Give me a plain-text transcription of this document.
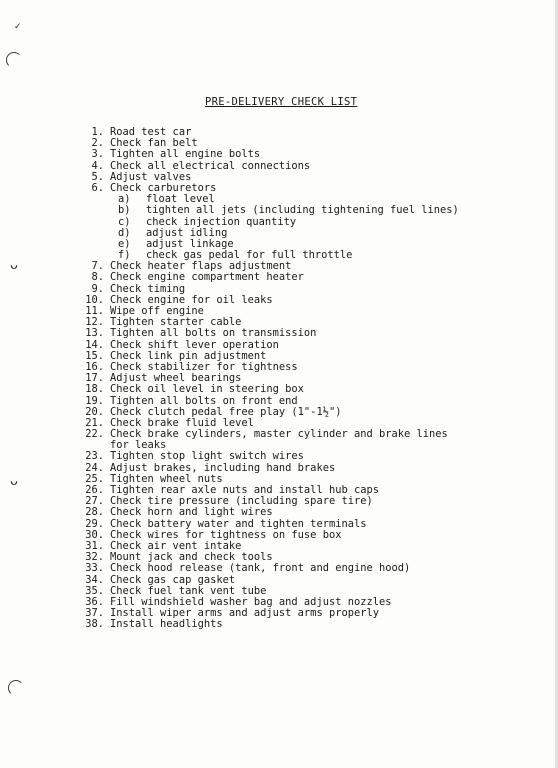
✓
ᴗ
ᴗ
PRE-DELIVERY CHECK LIST
1. Road test car
2. Check fan belt
3. Tighten all engine bolts
4. Check all electrical connections
5. Adjust valves
6. Check carburetors
a) float level
b) tighten all jets (including tightening fuel lines)
c) check injection quantity
d) adjust idling
e) adjust linkage
f) check gas pedal for full throttle
7. Check heater flaps adjustment
8. Check engine compartment heater
9. Check timing
10. Check engine for oil leaks
11. Wipe off engine
12. Tighten starter cable
13. Tighten all bolts on transmission
14. Check shift lever operation
15. Check link pin adjustment
16. Check stabilizer for tightness
17. Adjust wheel bearings
18. Check oil level in steering box
19. Tighten all bolts on front end
20. Check clutch pedal free play (1"-1½")
21. Check brake fluid level
22. Check brake cylinders, master cylinder and brake lines
for leaks
23. Tighten stop light switch wires
24. Adjust brakes, including hand brakes
25. Tighten wheel nuts
26. Tighten rear axle nuts and install hub caps
27. Check tire pressure (including spare tire)
28. Check horn and light wires
29. Check battery water and tighten terminals
30. Check wires for tightness on fuse box
31. Check air vent intake
32. Mount jack and check tools
33. Check hood release (tank, front and engine hood)
34. Check gas cap gasket
35. Check fuel tank vent tube
36. Fill windshield washer bag and adjust nozzles
37. Install wiper arms and adjust arms properly
38. Install headlights
